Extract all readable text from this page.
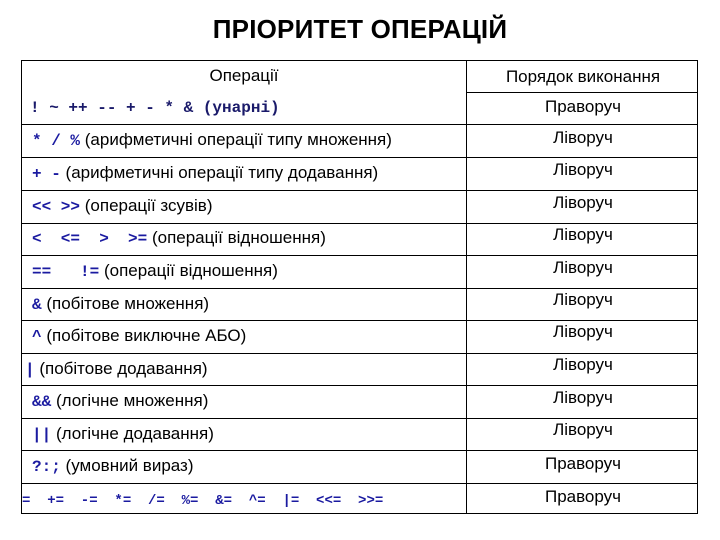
ПРІОРИТЕТ ОПЕРАЦІЙ
Операції	Порядок виконання
! ~ ++ -- + - * & (унарні)	Праворуч
* / % (арифметичні операції типу множення)	Ліворуч
+ - (арифметичні операції типу додавання)	Ліворуч
<< >> (операції зсувів)	Ліворуч
<  <=  >  >= (операції відношення)	Ліворуч
==   != (операції відношення)	Ліворуч
& (побітове множення)	Ліворуч
^ (побітове виключне АБО)	Ліворуч
| (побітове додавання)	Ліворуч
&& (логічне множення)	Ліворуч
|| (логічне додавання)	Ліворуч
?:; (умовний вираз)	Праворуч
=  +=  -=  *=  /=  %=  &=  ^=  |=  <<=  >>=	Праворуч
